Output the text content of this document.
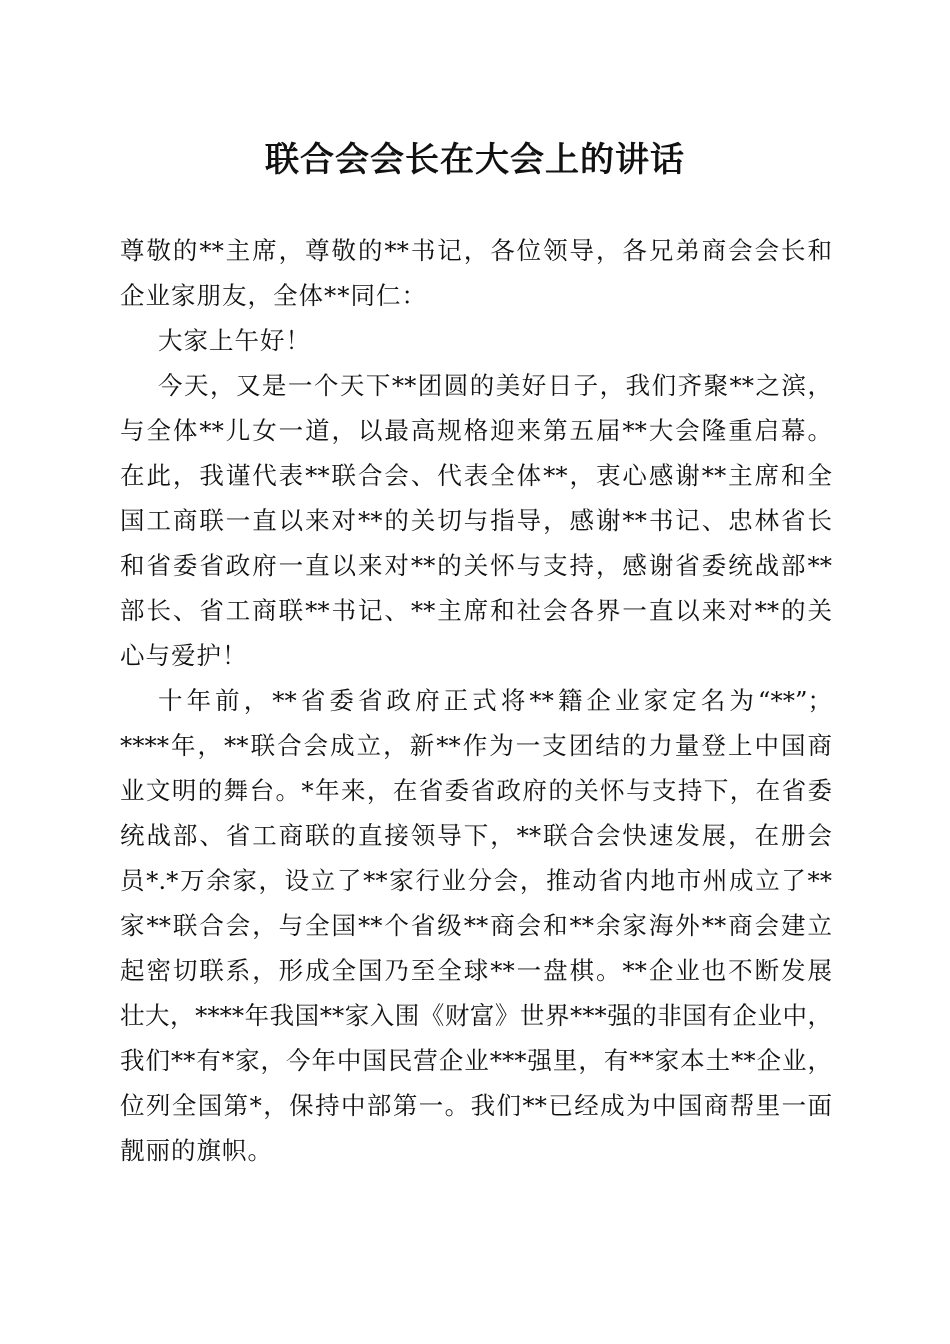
联合会会长在大会上的讲话
尊敬的**主席，尊敬的**书记，各位领导，各兄弟商会会长和
企业家朋友，全体**同仁：
大家上午好！
今天，又是一个天下**团圆的美好日子，我们齐聚**之滨，
与全体**儿女一道，以最高规格迎来第五届**大会隆重启幕。
在此，我谨代表**联合会、代表全体**，衷心感谢**主席和全
国工商联一直以来对**的关切与指导，感谢**书记、忠林省长
和省委省政府一直以来对**的关怀与支持，感谢省委统战部**
部长、省工商联**书记、**主席和社会各界一直以来对**的关
心与爱护！
十年前，**省委省政府正式将**籍企业家定名为“**”；
****年，**联合会成立，新**作为一支团结的力量登上中国商
业文明的舞台。*年来，在省委省政府的关怀与支持下，在省委
统战部、省工商联的直接领导下，**联合会快速发展，在册会
员*.*万余家，设立了**家行业分会，推动省内地市州成立了**
家**联合会，与全国**个省级**商会和**余家海外**商会建立
起密切联系，形成全国乃至全球**一盘棋。**企业也不断发展
壮大，****年我国**家入围《财富》世界***强的非国有企业中，
我们**有*家，今年中国民营企业***强里，有**家本土**企业，
位列全国第*，保持中部第一。我们**已经成为中国商帮里一面
靓丽的旗帜。
